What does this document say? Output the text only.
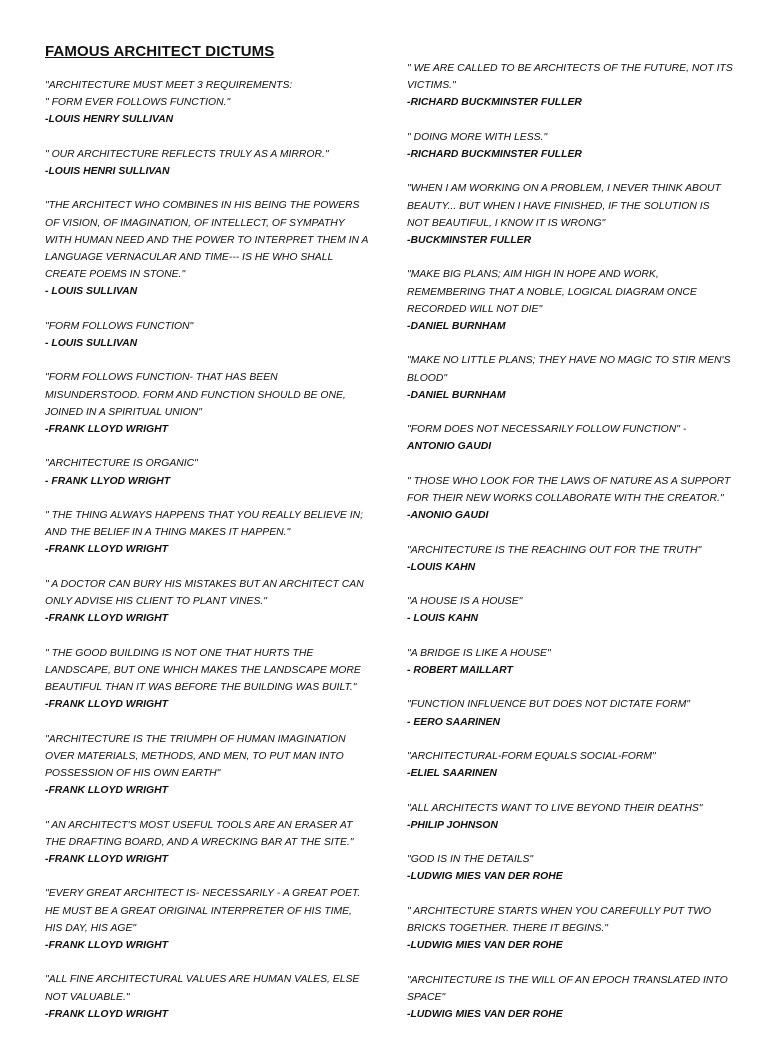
FAMOUS ARCHITECT DICTUMS
"ARCHITECTURE MUST MEET 3 REQUIREMENTS:
" FORM EVER FOLLOWS FUNCTION."
-LOUIS HENRY SULLIVAN
" OUR ARCHITECTURE REFLECTS TRULY AS A MIRROR."
-LOUIS HENRI SULLIVAN
"THE ARCHITECT WHO COMBINES IN HIS BEING THE POWERS
OF VISION, OF IMAGINATION, OF INTELLECT, OF SYMPATHY
WITH HUMAN NEED AND THE POWER TO INTERPRET THEM IN A
LANGUAGE VERNACULAR AND TIME--- IS HE WHO SHALL
CREATE POEMS IN STONE."
- LOUIS SULLIVAN
"FORM FOLLOWS FUNCTION"
- LOUIS SULLIVAN
"FORM FOLLOWS FUNCTION- THAT HAS BEEN
MISUNDERSTOOD. FORM AND FUNCTION SHOULD BE ONE,
JOINED IN A SPIRITUAL UNION"
-FRANK LLOYD WRIGHT
"ARCHITECTURE IS ORGANIC"
- FRANK LLYOD WRIGHT
" THE THING ALWAYS HAPPENS THAT YOU REALLY BELIEVE IN;
AND THE BELIEF IN A THING MAKES IT HAPPEN."
-FRANK LLOYD WRIGHT
" A DOCTOR CAN BURY HIS MISTAKES BUT AN ARCHITECT CAN
ONLY ADVISE HIS CLIENT TO PLANT VINES."
-FRANK LLOYD WRIGHT
" THE GOOD BUILDING IS NOT ONE THAT HURTS THE
LANDSCAPE, BUT ONE WHICH MAKES THE LANDSCAPE MORE
BEAUTIFUL THAN IT WAS BEFORE THE BUILDING WAS BUILT."
-FRANK LLOYD WRIGHT
"ARCHITECTURE IS THE TRIUMPH OF HUMAN IMAGINATION
OVER MATERIALS, METHODS, AND MEN, TO PUT MAN INTO
POSSESSION OF HIS OWN EARTH"
-FRANK LLOYD WRIGHT
" AN ARCHITECT'S MOST USEFUL TOOLS ARE AN ERASER AT
THE DRAFTING BOARD, AND A WRECKING BAR AT THE SITE."
-FRANK LLOYD WRIGHT
"EVERY GREAT ARCHITECT IS- NECESSARILY - A GREAT POET.
HE MUST BE A GREAT ORIGINAL INTERPRETER OF HIS TIME,
HIS DAY, HIS AGE"
-FRANK LLOYD WRIGHT
"ALL FINE ARCHITECTURAL VALUES ARE HUMAN VALES, ELSE
NOT VALUABLE."
-FRANK LLOYD WRIGHT
" WE ARE CALLED TO BE ARCHITECTS OF THE FUTURE, NOT ITS
VICTIMS."
-RICHARD BUCKMINSTER FULLER
" DOING MORE WITH LESS."
-RICHARD BUCKMINSTER FULLER
"WHEN I AM WORKING ON A PROBLEM, I NEVER THINK ABOUT
BEAUTY... BUT WHEN I HAVE FINISHED, IF THE SOLUTION IS
NOT BEAUTIFUL, I KNOW IT IS WRONG"
-BUCKMINSTER FULLER
"MAKE BIG PLANS; AIM HIGH IN HOPE AND WORK,
REMEMBERING THAT A NOBLE, LOGICAL DIAGRAM ONCE
RECORDED WILL NOT DIE"
-DANIEL BURNHAM
"MAKE NO LITTLE PLANS; THEY HAVE NO MAGIC TO STIR MEN'S
BLOOD"
-DANIEL BURNHAM
"FORM DOES NOT NECESSARILY FOLLOW FUNCTION" -
ANTONIO GAUDI
" THOSE WHO LOOK FOR THE LAWS OF NATURE AS A SUPPORT
FOR THEIR NEW WORKS COLLABORATE WITH THE CREATOR."
-ANONIO GAUDI
"ARCHITECTURE IS THE REACHING OUT FOR THE TRUTH"
-LOUIS KAHN
"A HOUSE IS A HOUSE"
- LOUIS KAHN
"A BRIDGE IS LIKE A HOUSE"
- ROBERT MAILLART
"FUNCTION INFLUENCE BUT DOES NOT DICTATE FORM"
- EERO SAARINEN
"ARCHITECTURAL-FORM EQUALS SOCIAL-FORM"
-ELIEL SAARINEN
"ALL ARCHITECTS WANT TO LIVE BEYOND THEIR DEATHS"
-PHILIP JOHNSON
"GOD IS IN THE DETAILS"
-LUDWIG MIES VAN DER ROHE
" ARCHITECTURE STARTS WHEN YOU CAREFULLY PUT TWO
BRICKS TOGETHER. THERE IT BEGINS."
-LUDWIG MIES VAN DER ROHE
"ARCHITECTURE IS THE WILL OF AN EPOCH TRANSLATED INTO
SPACE"
-LUDWIG MIES VAN DER ROHE
